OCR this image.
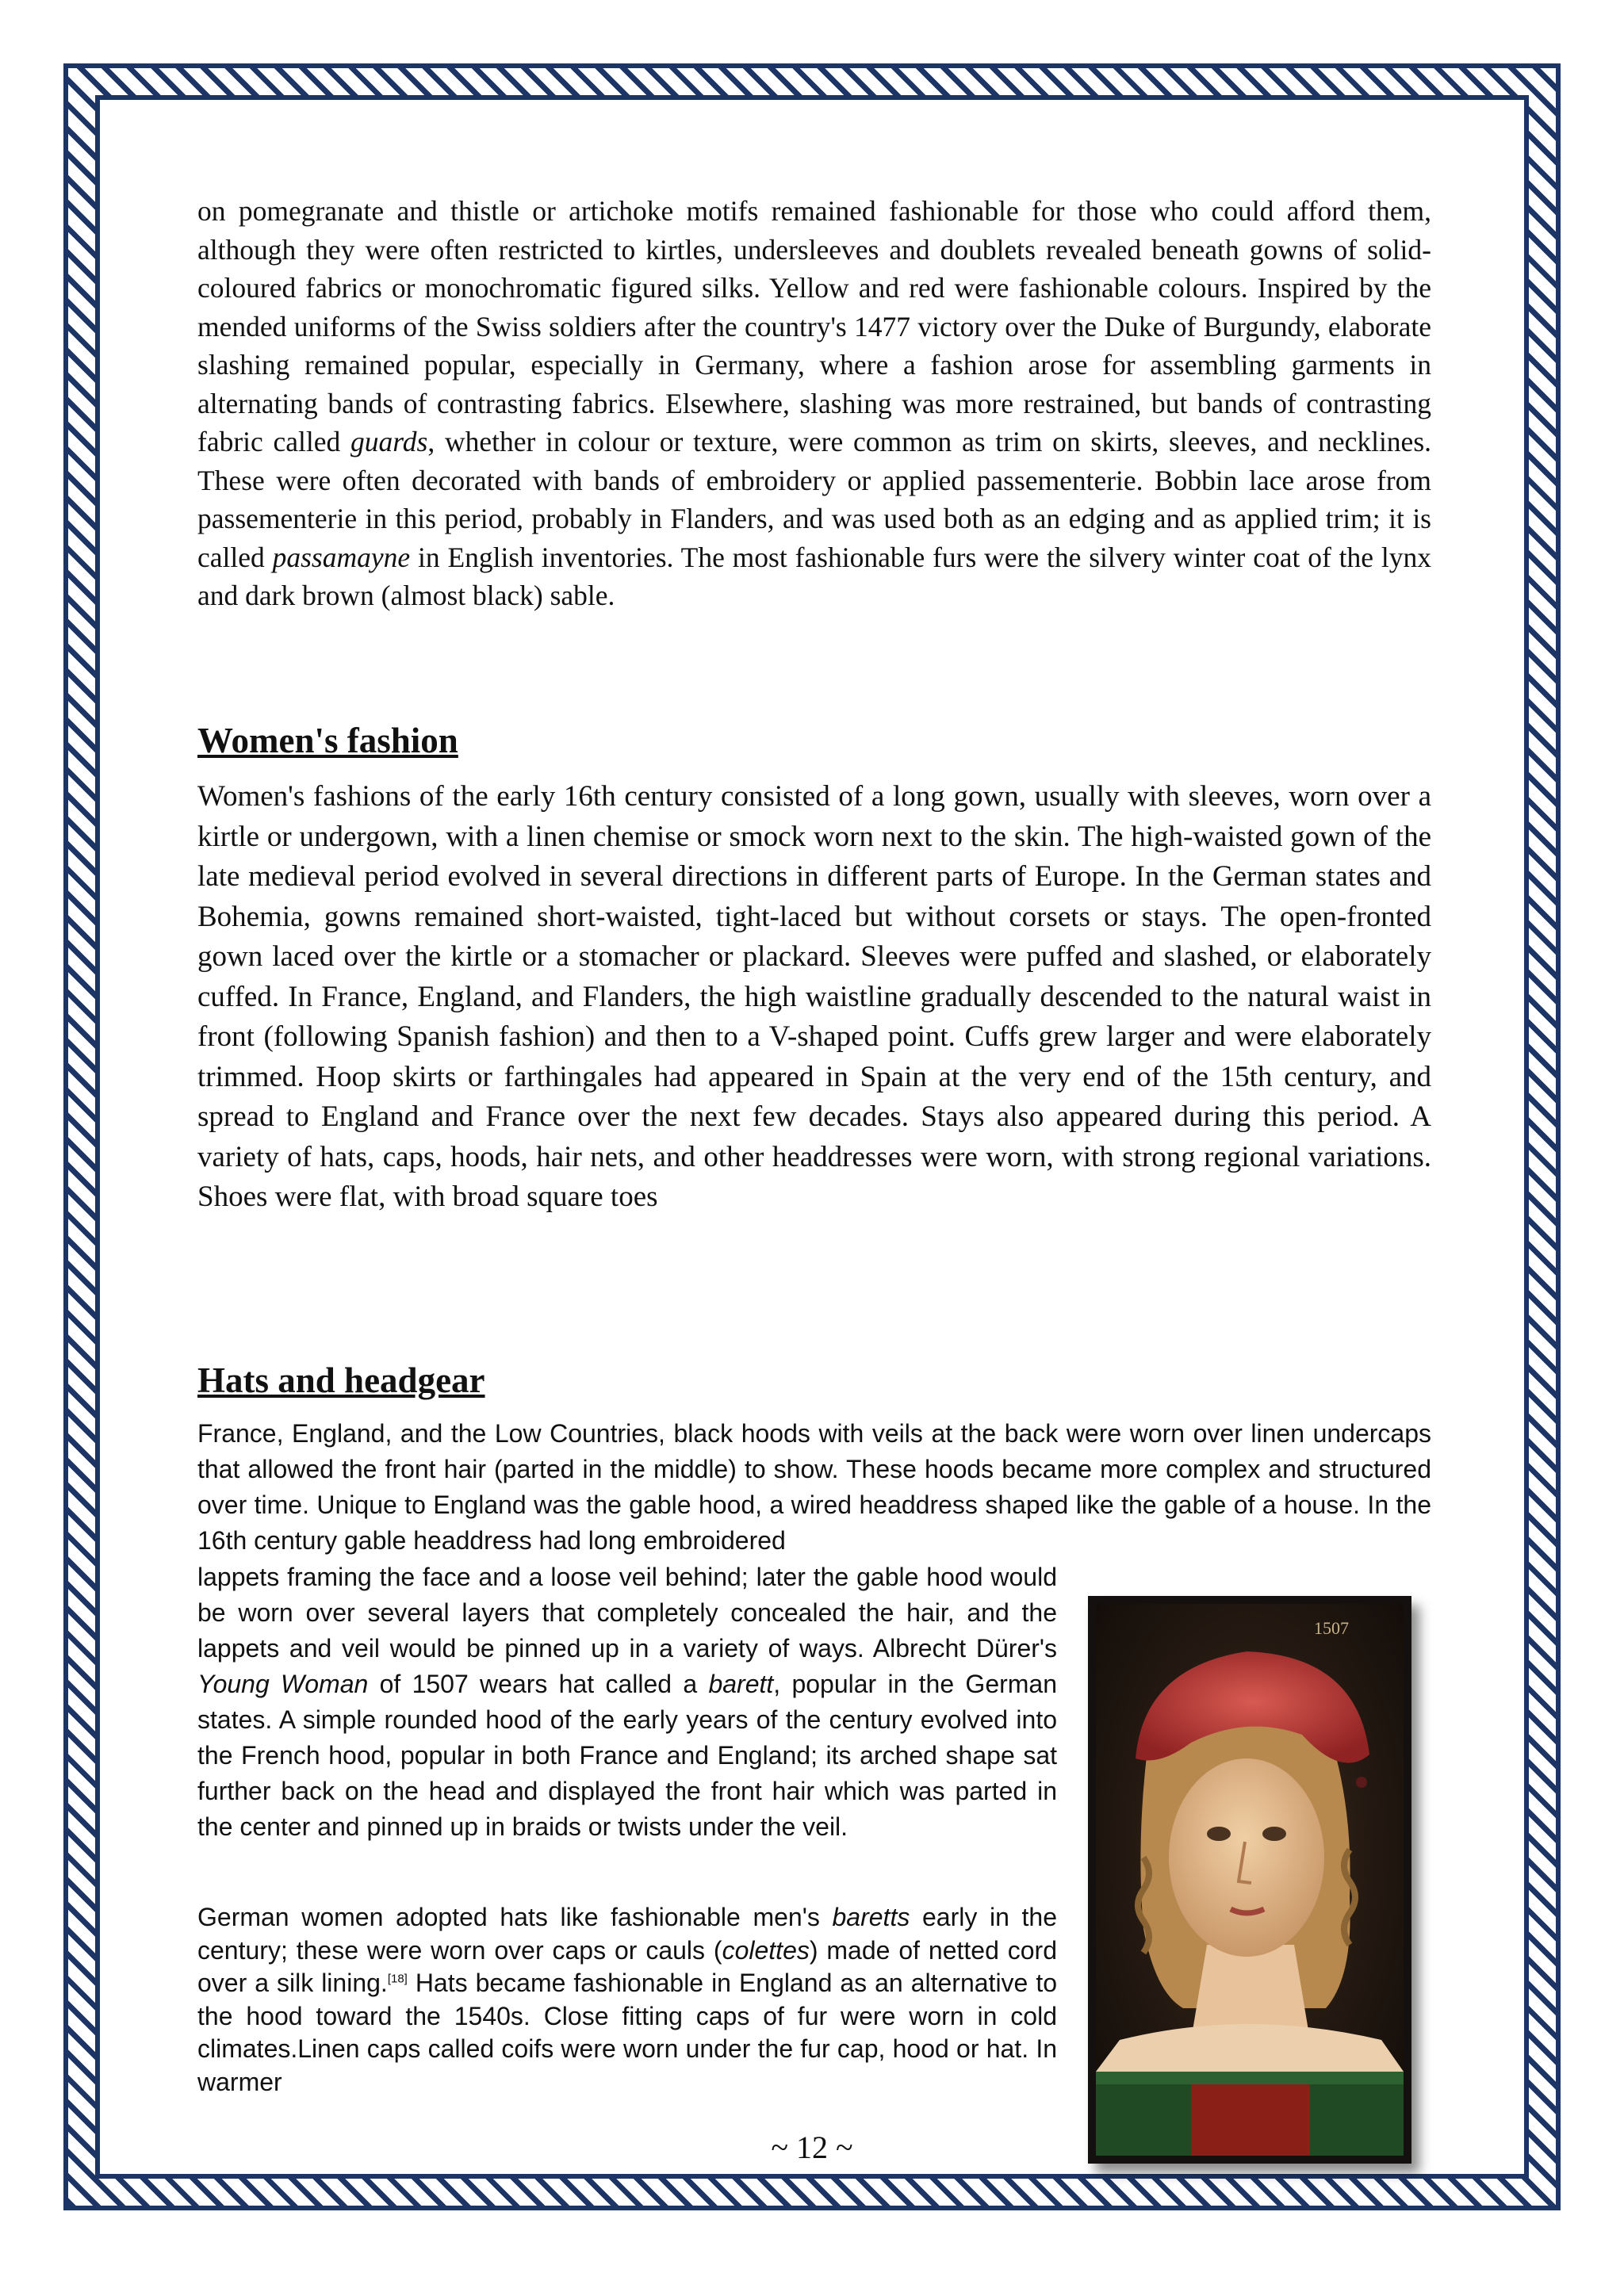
on pomegranate and thistle or artichoke motifs remained fashionable for those who could afford them, although they were often restricted to kirtles, undersleeves and doublets revealed beneath gowns of solid-coloured fabrics or monochromatic figured silks. Yellow and red were fashionable colours. Inspired by the mended uniforms of the Swiss soldiers after the country's 1477 victory over the Duke of Burgundy, elaborate slashing remained popular, especially in Germany, where a fashion arose for assembling garments in alternating bands of contrasting fabrics. Elsewhere, slashing was more restrained, but bands of contrasting fabric called guards, whether in colour or texture, were common as trim on skirts, sleeves, and necklines. These were often decorated with bands of embroidery or applied passementerie. Bobbin lace arose from passementerie in this period, probably in Flanders, and was used both as an edging and as applied trim; it is called passamayne in English inventories. The most fashionable furs were the silvery winter coat of the lynx and dark brown (almost black) sable.

Women's fashion

Women's fashions of the early 16th century consisted of a long gown, usually with sleeves, worn over a kirtle or undergown, with a linen chemise or smock worn next to the skin. The high-waisted gown of the late medieval period evolved in several directions in different parts of Europe. In the German states and Bohemia, gowns remained short-waisted, tight-laced but without corsets or stays. The open-fronted gown laced over the kirtle or a stomacher or plackard. Sleeves were puffed and slashed, or elaborately cuffed. In France, England, and Flanders, the high waistline gradually descended to the natural waist in front (following Spanish fashion) and then to a V-shaped point. Cuffs grew larger and were elaborately trimmed. Hoop skirts or farthingales had appeared in Spain at the very end of the 15th century, and spread to England and France over the next few decades. Stays also appeared during this period. A variety of hats, caps, hoods, hair nets, and other headdresses were worn, with strong regional variations. Shoes were flat, with broad square toes

Hats and headgear

France, England, and the Low Countries, black hoods with veils at the back were worn over linen undercaps that allowed the front hair (parted in the middle) to show. These hoods became more complex and structured over time. Unique to England was the gable hood, a wired headdress shaped like the gable of a house. In the 16th century gable headdress had long embroidered

lappets framing the face and a loose veil behind; later the gable hood would be worn over several layers that completely concealed the hair, and the lappets and veil would be pinned up in a variety of ways. Albrecht Dürer's Young Woman of 1507 wears hat called a barett, popular in the German states. A simple rounded hood of the early years of the century evolved into the French hood, popular in both France and England; its arched shape sat further back on the head and displayed the front hair which was parted in the center and pinned up in braids or twists under the veil.

German women adopted hats like fashionable men's baretts early in the century; these were worn over caps or cauls (colettes) made of netted cord over a silk lining.[18] Hats became fashionable in England as an alternative to the hood toward the 1540s. Close fitting caps of fur were worn in cold climates.Linen caps called coifs were worn under the fur cap, hood or hat. In warmer

1507
~ 12 ~
